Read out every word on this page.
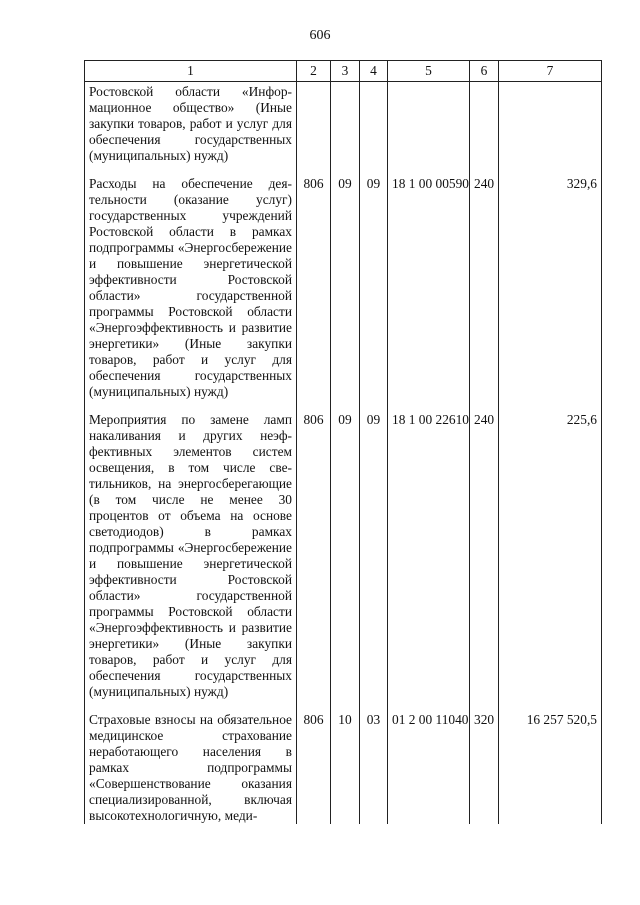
606
1	2	3	4	5	6	7
Ростовской области «Информационное общество» (Иные закупки товаров, работ и услуг для обеспечения государственных (муниципальных) нужд)						
Расходы на обеспечение деятельности (оказание услуг) государственных учреждений Ростовской области в рамках подпрограммы «Энергосбережение и повышение энергетической эффективности Ростовской области» государственной программы Ростовской области «Энергоэффективность и развитие энергетики» (Иные закупки товаров, работ и услуг для обеспечения государственных (муниципальных) нужд)	806	09	09	18 1 00 00590	240	329,6
Мероприятия по замене ламп накаливания и других неэффективных элементов систем освещения, в том числе светильников, на энергосберегающие (в том числе не менее 30 процентов от объема на основе светодиодов) в рамках подпрограммы «Энергосбережение и повышение энергетической эффективности Ростовской области» государственной программы Ростовской области «Энергоэффективность и развитие энергетики» (Иные закупки товаров, работ и услуг для обеспечения государственных (муниципальных) нужд)	806	09	09	18 1 00 22610	240	225,6
Страховые взносы на обязательное медицинское страхование неработающего населения в рамках подпрограммы «Совершенствование оказания специализированной, включая высокотехнологичную, меди-	806	10	03	01 2 00 11040	320	16 257 520,5
